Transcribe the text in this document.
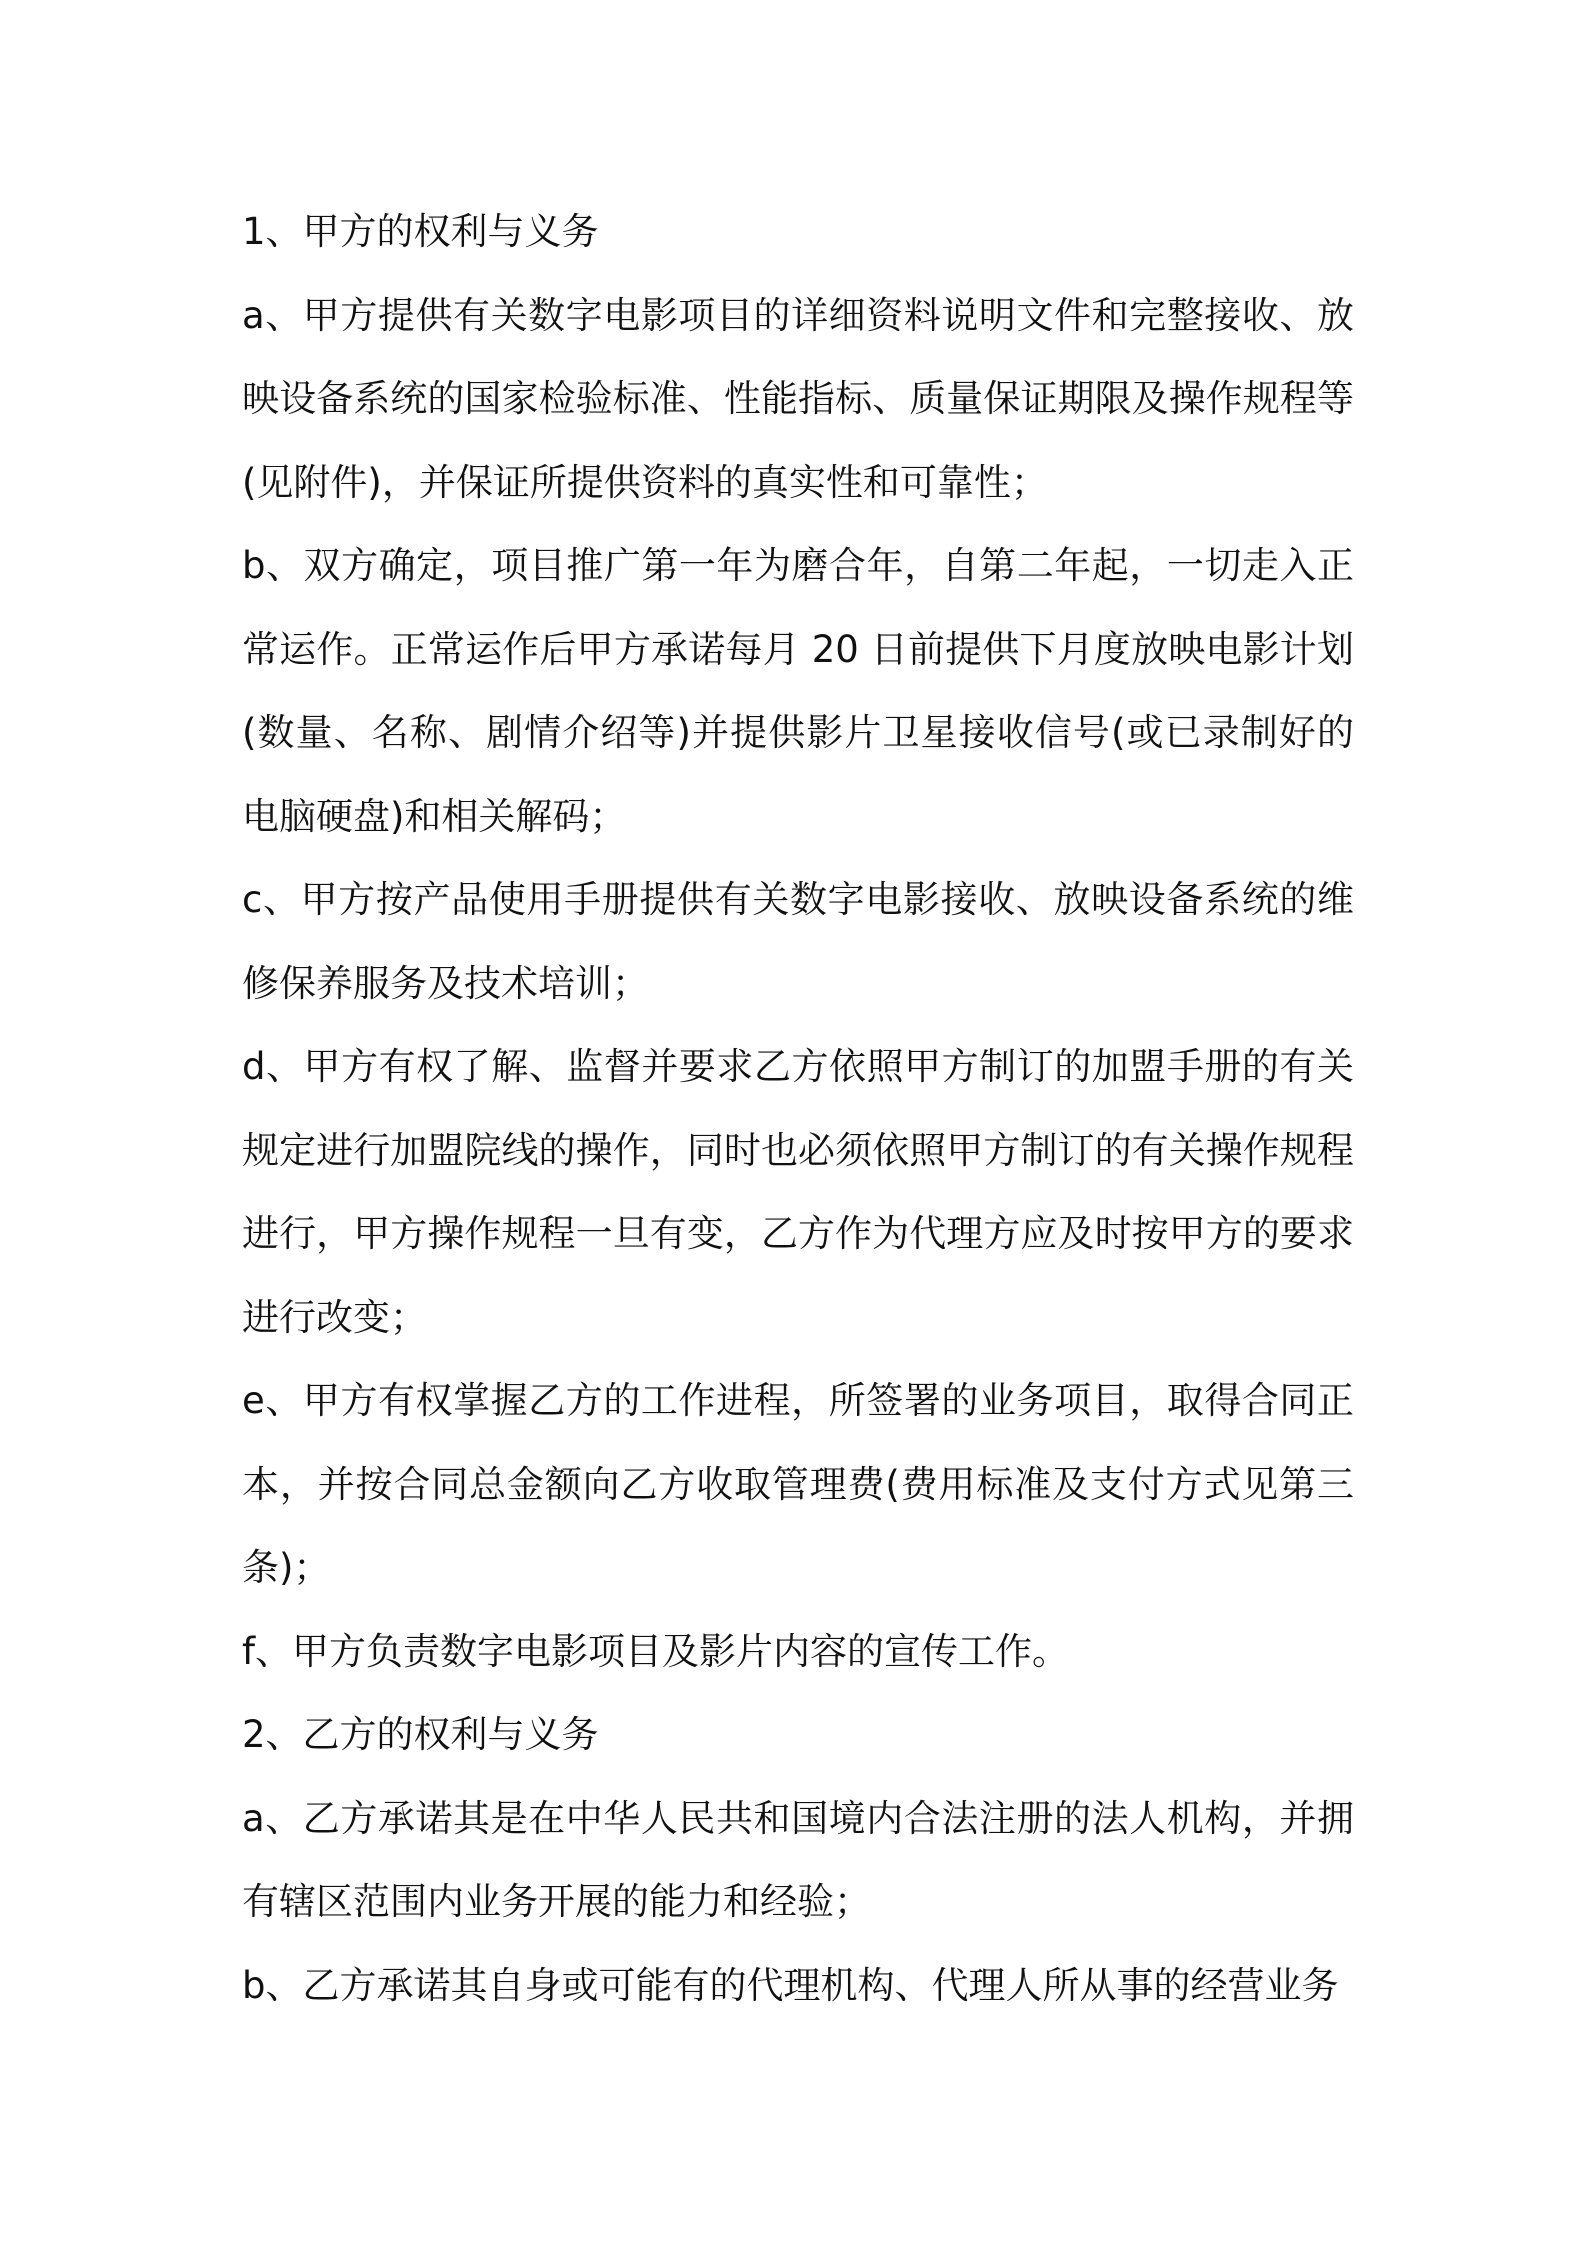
1、甲方的权利与义务

a、甲方提供有关数字电影项目的详细资料说明文件和完整接收、放映设备系统的国家检验标准、性能指标、质量保证期限及操作规程等(见附件)，并保证所提供资料的真实性和可靠性；

b、双方确定，项目推广第一年为磨合年，自第二年起，一切走入正常运作。正常运作后甲方承诺每月 20 日前提供下月度放映电影计划(数量、名称、剧情介绍等)并提供影片卫星接收信号(或已录制好的电脑硬盘)和相关解码；

c、甲方按产品使用手册提供有关数字电影接收、放映设备系统的维修保养服务及技术培训；

d、甲方有权了解、监督并要求乙方依照甲方制订的加盟手册的有关规定进行加盟院线的操作，同时也必须依照甲方制订的有关操作规程进行，甲方操作规程一旦有变，乙方作为代理方应及时按甲方的要求进行改变；

e、甲方有权掌握乙方的工作进程，所签署的业务项目，取得合同正本，并按合同总金额向乙方收取管理费(费用标准及支付方式见第三条)；

f、甲方负责数字电影项目及影片内容的宣传工作。

2、乙方的权利与义务

a、乙方承诺其是在中华人民共和国境内合法注册的法人机构，并拥有辖区范围内业务开展的能力和经验；

b、乙方承诺其自身或可能有的代理机构、代理人所从事的经营业务
